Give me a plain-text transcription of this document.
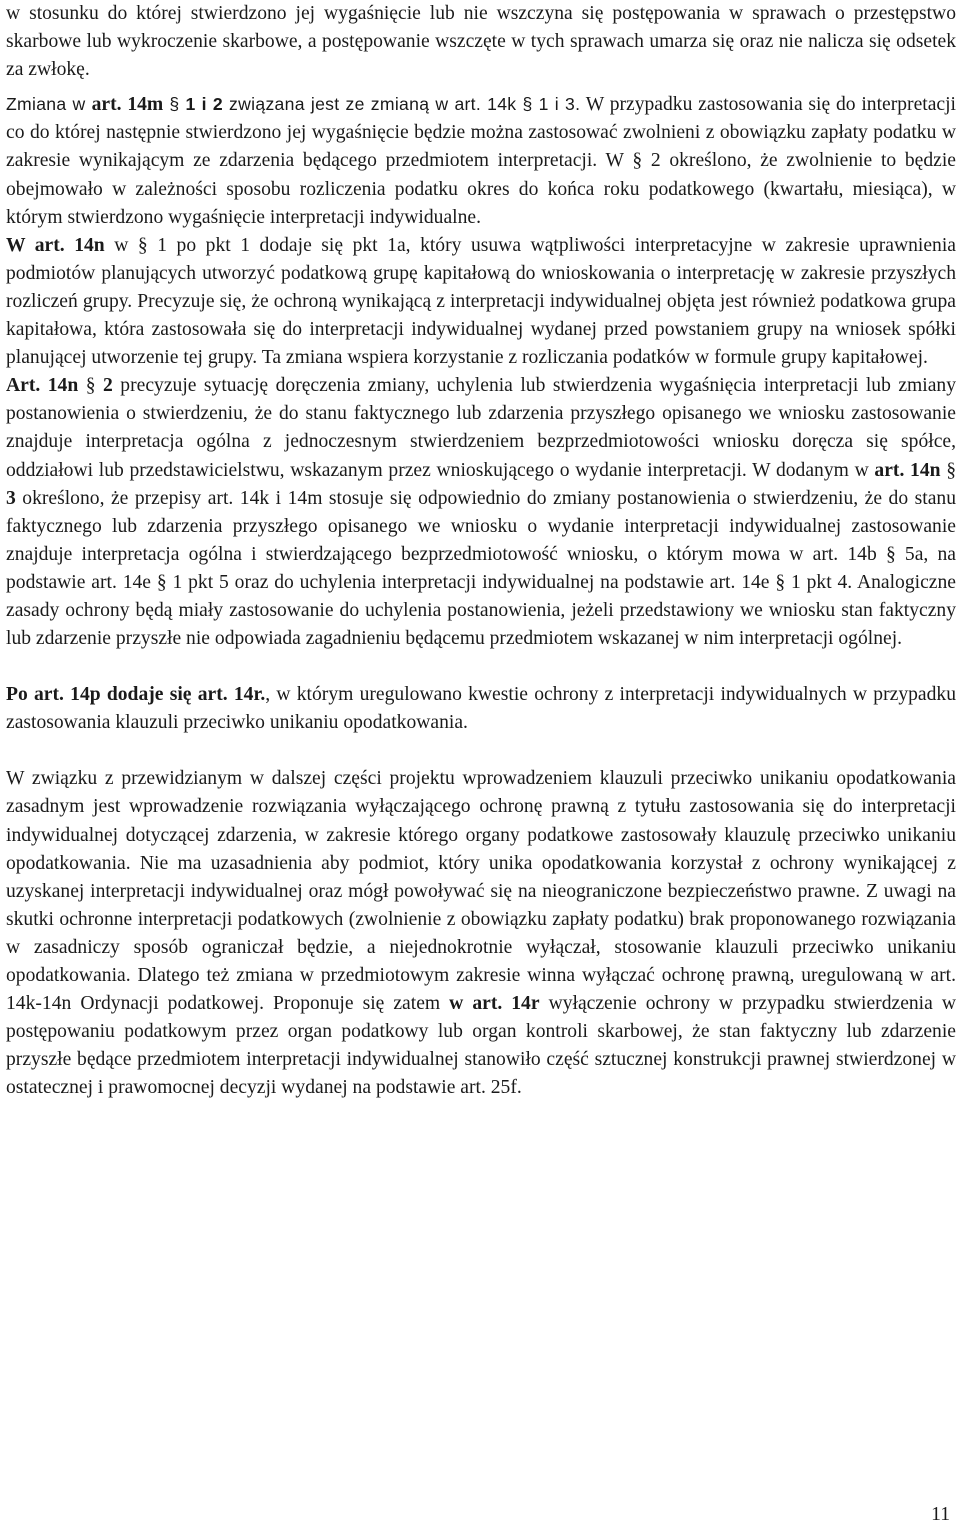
w stosunku do której stwierdzono jej wygaśnięcie lub nie wszczyna się postępowania w sprawach o przestępstwo skarbowe lub wykroczenie skarbowe, a postępowanie wszczęte w tych sprawach umarza się oraz nie nalicza się odsetek za zwłokę.

Zmiana w art. 14m § 1 i 2 związana jest ze zmianą w art. 14k § 1 i 3. W przypadku zastosowania się do interpretacji co do której następnie stwierdzono jej wygaśnięcie będzie można zastosować zwolnieni z obowiązku zapłaty podatku w zakresie wynikającym ze zdarzenia będącego przedmiotem interpretacji. W § 2 określono, że zwolnienie to będzie obejmowało w zależności sposobu rozliczenia podatku okres do końca roku podatkowego (kwartału, miesiąca), w którym stwierdzono wygaśnięcie interpretacji indywidualne.

W art. 14n w § 1 po pkt 1 dodaje się pkt 1a, który usuwa wątpliwości interpretacyjne w zakresie uprawnienia podmiotów planujących utworzyć podatkową grupę kapitałową do wnioskowania o interpretację w zakresie przyszłych rozliczeń grupy. Precyzuje się, że ochroną wynikającą z interpretacji indywidualnej objęta jest również podatkowa grupa kapitałowa, która zastosowała się do interpretacji indywidualnej wydanej przed powstaniem grupy na wniosek spółki planującej utworzenie tej grupy. Ta zmiana wspiera korzystanie z rozliczania podatków w formule grupy kapitałowej.

Art. 14n § 2 precyzuje sytuację doręczenia zmiany, uchylenia lub stwierdzenia wygaśnięcia interpretacji lub zmiany postanowienia o stwierdzeniu, że do stanu faktycznego lub zdarzenia przyszłego opisanego we wniosku zastosowanie znajduje interpretacja ogólna z jednoczesnym stwierdzeniem bezprzedmiotowości wniosku doręcza się spółce, oddziałowi lub przedstawicielstwu, wskazanym przez wnioskującego o wydanie interpretacji. W dodanym w art. 14n § 3 określono, że przepisy art. 14k i 14m stosuje się odpowiednio do zmiany postanowienia o stwierdzeniu, że do stanu faktycznego lub zdarzenia przyszłego opisanego we wniosku o wydanie interpretacji indywidualnej zastosowanie znajduje interpretacja ogólna i stwierdzającego bezprzedmiotowość wniosku, o którym mowa w art. 14b § 5a, na podstawie art. 14e § 1 pkt 5 oraz do uchylenia interpretacji indywidualnej na podstawie art. 14e § 1 pkt 4. Analogiczne zasady ochrony będą miały zastosowanie do uchylenia postanowienia, jeżeli przedstawiony we wniosku stan faktyczny lub zdarzenie przyszłe nie odpowiada zagadnieniu będącemu przedmiotem wskazanej w nim interpretacji ogólnej.

Po art. 14p dodaje się art. 14r., w którym uregulowano kwestie ochrony z interpretacji indywidualnych w przypadku zastosowania klauzuli przeciwko unikaniu opodatkowania.

W związku z przewidzianym w dalszej części projektu wprowadzeniem klauzuli przeciwko unikaniu opodatkowania zasadnym jest wprowadzenie rozwiązania wyłączającego ochronę prawną z tytułu zastosowania się do interpretacji indywidualnej dotyczącej zdarzenia, w zakresie którego organy podatkowe zastosowały klauzulę przeciwko unikaniu opodatkowania. Nie ma uzasadnienia aby podmiot, który unika opodatkowania korzystał z ochrony wynikającej z uzyskanej interpretacji indywidualnej oraz mógł powoływać się na nieograniczone bezpieczeństwo prawne. Z uwagi na skutki ochronne interpretacji podatkowych (zwolnienie z obowiązku zapłaty podatku) brak proponowanego rozwiązania w zasadniczy sposób ograniczał będzie, a niejednokrotnie wyłączał, stosowanie klauzuli przeciwko unikaniu opodatkowania. Dlatego też zmiana w przedmiotowym zakresie winna wyłączać ochronę prawną, uregulowaną w art. 14k-14n Ordynacji podatkowej. Proponuje się zatem w art. 14r wyłączenie ochrony w przypadku stwierdzenia w postępowaniu podatkowym przez organ podatkowy lub organ kontroli skarbowej, że stan faktyczny lub zdarzenie przyszłe będące przedmiotem interpretacji indywidualnej stanowiło część sztucznej konstrukcji prawnej stwierdzonej w ostatecznej i prawomocnej decyzji wydanej na podstawie art. 25f.

11
